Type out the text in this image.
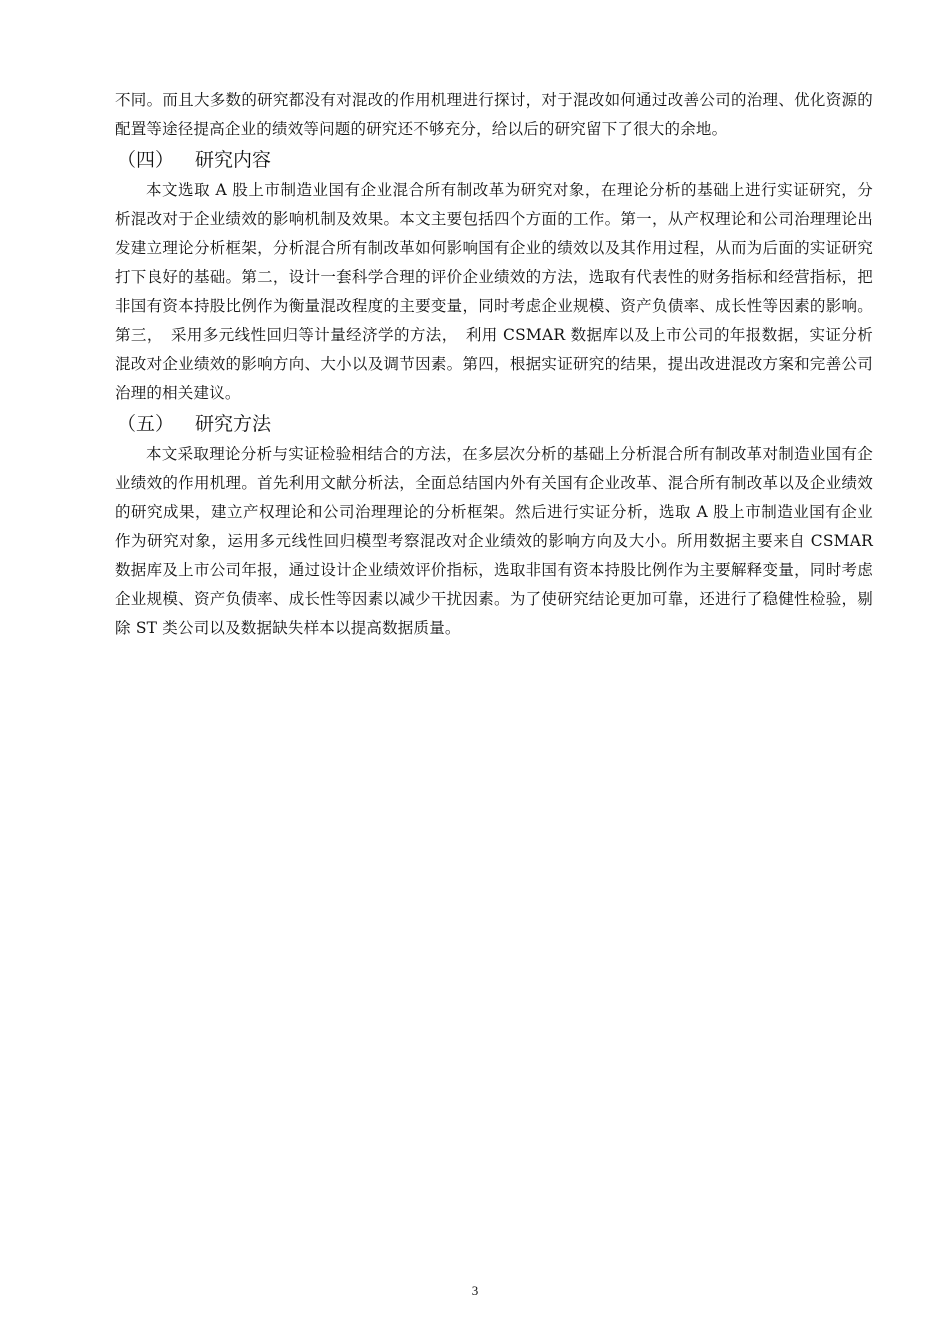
不同。而且大多数的研究都没有对混改的作用机理进行探讨，对于混改如何通过改善公司的治理、优化资源的配置等途径提高企业的绩效等问题的研究还不够充分，给以后的研究留下了很大的余地。

（四）	研究内容

本文选取 A 股上市制造业国有企业混合所有制改革为研究对象，在理论分析的基础上进行实证研究，分析混改对于企业绩效的影响机制及效果。本文主要包括四个方面的工作。第一，从产权理论和公司治理理论出发建立理论分析框架，分析混合所有制改革如何影响国有企业的绩效以及其作用过程，从而为后面的实证研究打下良好的基础。第二，设计一套科学合理的评价企业绩效的方法，选取有代表性的财务指标和经营指标，把非国有资本持股比例作为衡量混改程度的主要变量，同时考虑企业规模、资产负债率、成长性等因素的影响。第三，　采用多元线性回归等计量经济学的方法，　利用 CSMAR 数据库以及上市公司的年报数据，实证分析混改对企业绩效的影响方向、大小以及调节因素。第四，根据实证研究的结果，提出改进混改方案和完善公司治理的相关建议。

（五）	研究方法

本文采取理论分析与实证检验相结合的方法，在多层次分析的基础上分析混合所有制改革对制造业国有企业绩效的作用机理。首先利用文献分析法，全面总结国内外有关国有企业改革、混合所有制改革以及企业绩效的研究成果，建立产权理论和公司治理理论的分析框架。然后进行实证分析，选取 A 股上市制造业国有企业作为研究对象，运用多元线性回归模型考察混改对企业绩效的影响方向及大小。所用数据主要来自 CSMAR 数据库及上市公司年报，通过设计企业绩效评价指标，选取非国有资本持股比例作为主要解释变量，同时考虑企业规模、资产负债率、成长性等因素以减少干扰因素。为了使研究结论更加可靠，还进行了稳健性检验，剔除 ST 类公司以及数据缺失样本以提高数据质量。

3
